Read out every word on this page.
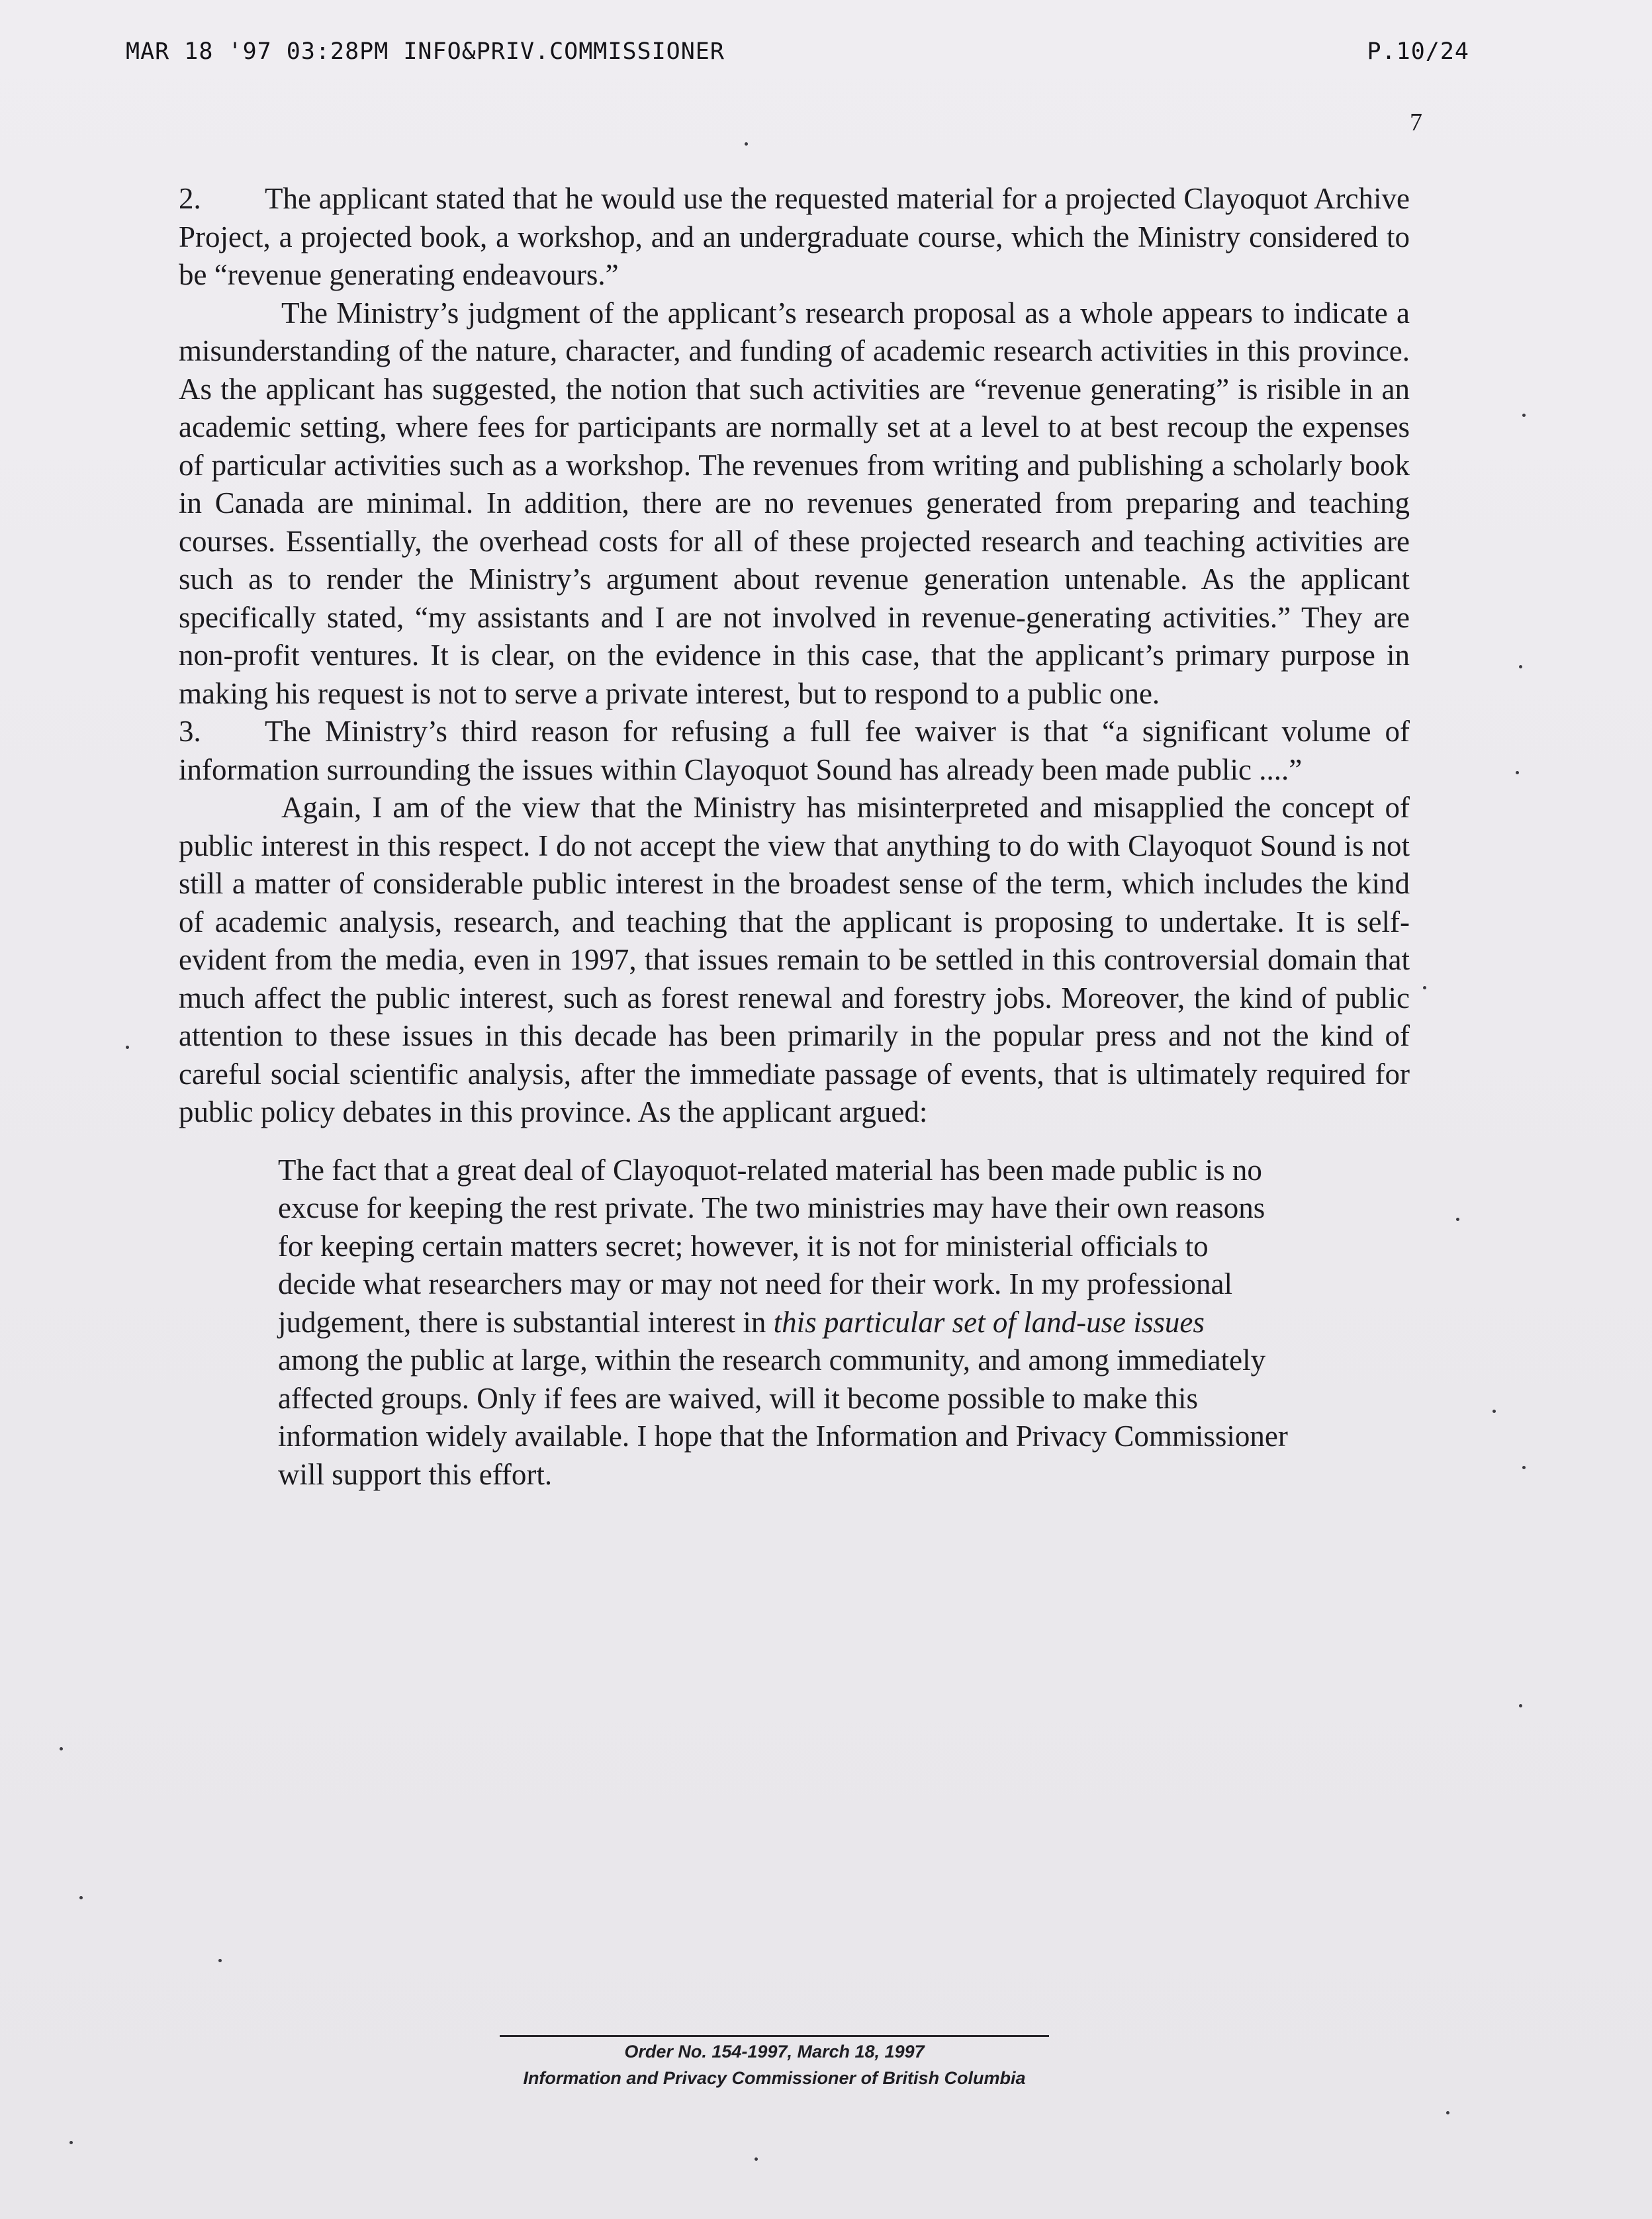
MAR 18 '97 03:28PM INFO&PRIV.COMMISSIONER	P.10/24
7

2. The applicant stated that he would use the requested material for a projected Clayoquot Archive Project, a projected book, a workshop, and an undergraduate course, which the Ministry considered to be “revenue generating endeavours.”

The Ministry’s judgment of the applicant’s research proposal as a whole appears to indicate a misunderstanding of the nature, character, and funding of academic research activities in this province. As the applicant has suggested, the notion that such activities are “revenue generating” is risible in an academic setting, where fees for participants are normally set at a level to at best recoup the expenses of particular activities such as a workshop. The revenues from writing and publishing a scholarly book in Canada are minimal. In addition, there are no revenues generated from preparing and teaching courses. Essentially, the overhead costs for all of these projected research and teaching activities are such as to render the Ministry’s argument about revenue generation untenable. As the applicant specifically stated, “my assistants and I are not involved in revenue-generating activities.” They are non-profit ventures. It is clear, on the evidence in this case, that the applicant’s primary purpose in making his request is not to serve a private interest, but to respond to a public one.

3. The Ministry’s third reason for refusing a full fee waiver is that “a significant volume of information surrounding the issues within Clayoquot Sound has already been made public ....”

Again, I am of the view that the Ministry has misinterpreted and misapplied the concept of public interest in this respect. I do not accept the view that anything to do with Clayoquot Sound is not still a matter of considerable public interest in the broadest sense of the term, which includes the kind of academic analysis, research, and teaching that the applicant is proposing to undertake. It is self-evident from the media, even in 1997, that issues remain to be settled in this controversial domain that much affect the public interest, such as forest renewal and forestry jobs. Moreover, the kind of public attention to these issues in this decade has been primarily in the popular press and not the kind of careful social scientific analysis, after the immediate passage of events, that is ultimately required for public policy debates in this province. As the applicant argued:

The fact that a great deal of Clayoquot-related material has been made public is no excuse for keeping the rest private. The two ministries may have their own reasons for keeping certain matters secret; however, it is not for ministerial officials to decide what researchers may or may not need for their work. In my professional judgement, there is substantial interest in this particular set of land-use issues among the public at large, within the research community, and among immediately affected groups. Only if fees are waived, will it become possible to make this information widely available. I hope that the Information and Privacy Commissioner will support this effort.

Order No. 154-1997, March 18, 1997
Information and Privacy Commissioner of British Columbia
